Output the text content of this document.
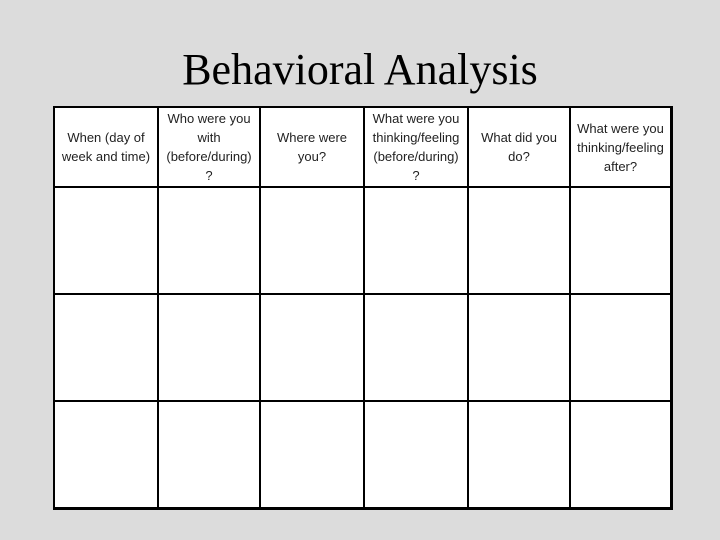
Behavioral Analysis
When (day of
week and time)	Who were you
with
(before/during)
?	Where were
you?	What were you
thinking/feeling
(before/during)
?	What did you
do?	What were you
thinking/feeling
after?
